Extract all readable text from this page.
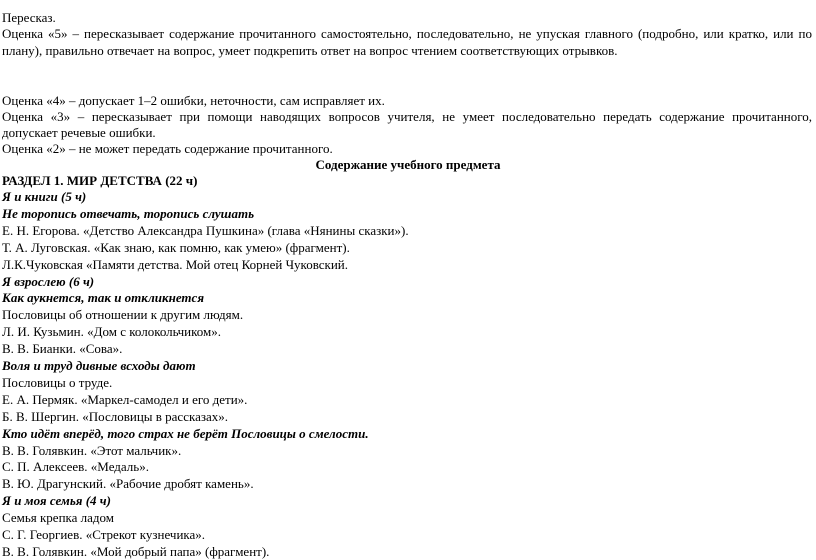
Пересказ.
Оценка «5» – пересказывает содержание прочитанного самостоятельно, последовательно, не упуская главного (подробно, или кратко, или по
плану), правильно отвечает на вопрос, умеет подкрепить ответ на вопрос чтением соответствующих отрывков.
Оценка «4» – допускает 1–2 ошибки, неточности, сам исправляет их.
Оценка «3» – пересказывает при помощи наводящих вопросов учителя, не умеет последовательно передать содержание прочитанного,
допускает речевые ошибки.
Оценка «2» – не может передать содержание прочитанного.
Содержание учебного предмета
РАЗДЕЛ 1. МИР ДЕТСТВА (22 ч)
Я и книги (5 ч)
Не торопись отвечать, торопись слушать
Е. Н. Егорова. «Детство Александра Пушкина» (глава «Нянины сказки»).
Т. А. Луговская. «Как знаю, как помню, как умею» (фрагмент).
Л.К.Чуковская «Памяти детства. Мой отец Корней Чуковский.
Я взрослею (6 ч)
Как аукнется, так и откликнется
Пословицы об отношении к другим людям.
Л. И. Кузьмин. «Дом с колокольчиком».
В. В. Бианки. «Сова».
Воля и труд дивные всходы дают
Пословицы о труде.
Е. А. Пермяк. «Маркел-самодел и его дети».
Б. В. Шергин. «Пословицы в рассказах».
Кто идёт вперёд, того страх не берёт Пословицы о смелости.
В. В. Голявкин. «Этот мальчик».
С. П. Алексеев. «Медаль».
В. Ю. Драгунский. «Рабочие дробят камень».
Я и моя семья (4 ч)
Семья крепка ладом
С. Г. Георгиев. «Стрекот кузнечика».
В. В. Голявкин. «Мой добрый папа» (фрагмент).
